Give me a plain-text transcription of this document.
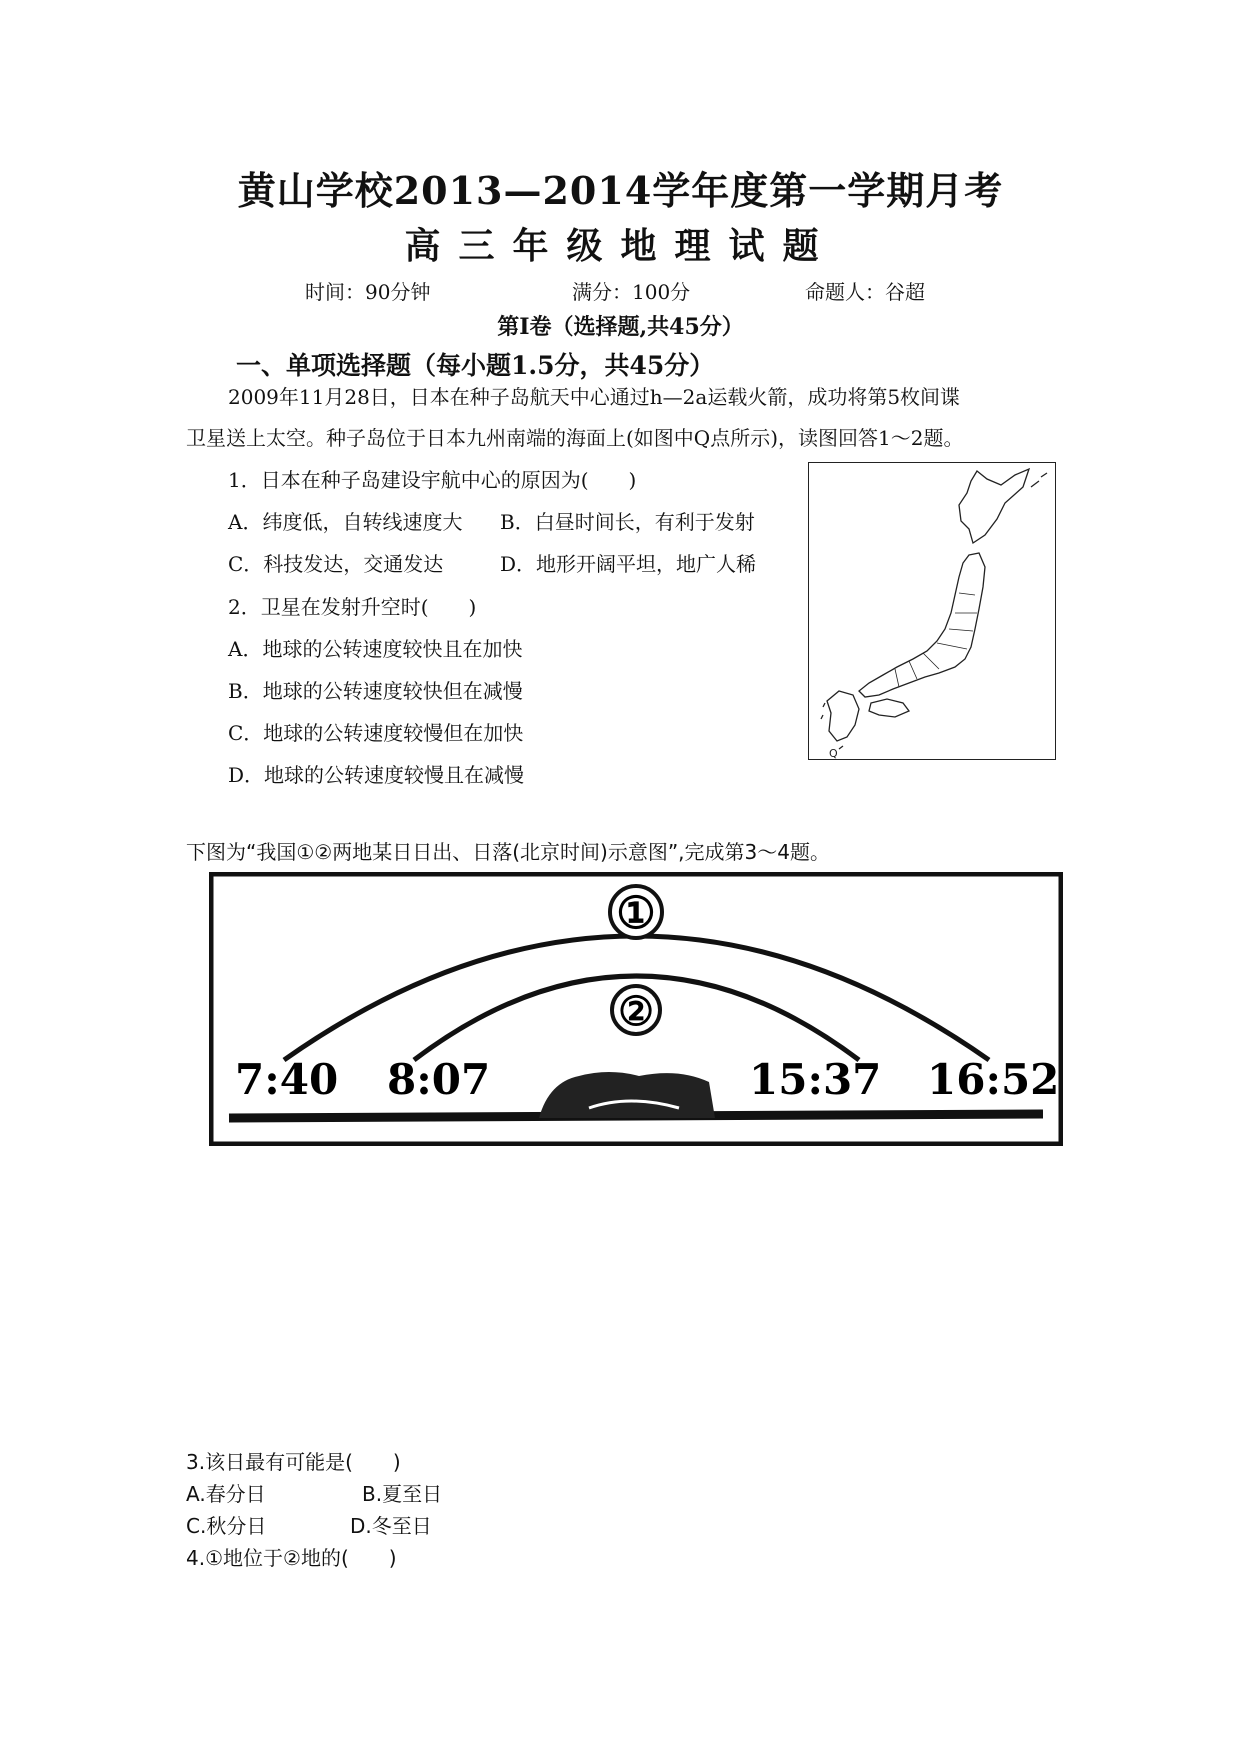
黄山学校2013—2014学年度第一学期月考
高三年级地理试题
时间：90分钟	满分：100分	命题人：谷超
第Ⅰ卷（选择题,共45分）
一、单项选择题（每小题1.5分，共45分）
2009年11月28日，日本在种子岛航天中心通过h—2a运载火箭，成功将第5枚间谍
卫星送上太空。种子岛位于日本九州南端的海面上(如图中Q点所示)，读图回答1～2题。
1．日本在种子岛建设宇航中心的原因为(　　)
A．纬度低，自转线速度大 B．白昼时间长，有利于发射
C．科技发达，交通发达	D．地形开阔平坦，地广人稀
2．卫星在发射升空时(　　)
A．地球的公转速度较快且在加快
B．地球的公转速度较快但在减慢
C．地球的公转速度较慢但在加快
D．地球的公转速度较慢且在减慢
Q
下图为“我国①②两地某日日出、日落(北京时间)示意图”,完成第3～4题。
①
②
7:40 8:07	15:37 16:52
3.该日最有可能是(　　)
A.春分日	B.夏至日
C.秋分日	D.冬至日
4.①地位于②地的(　　)
